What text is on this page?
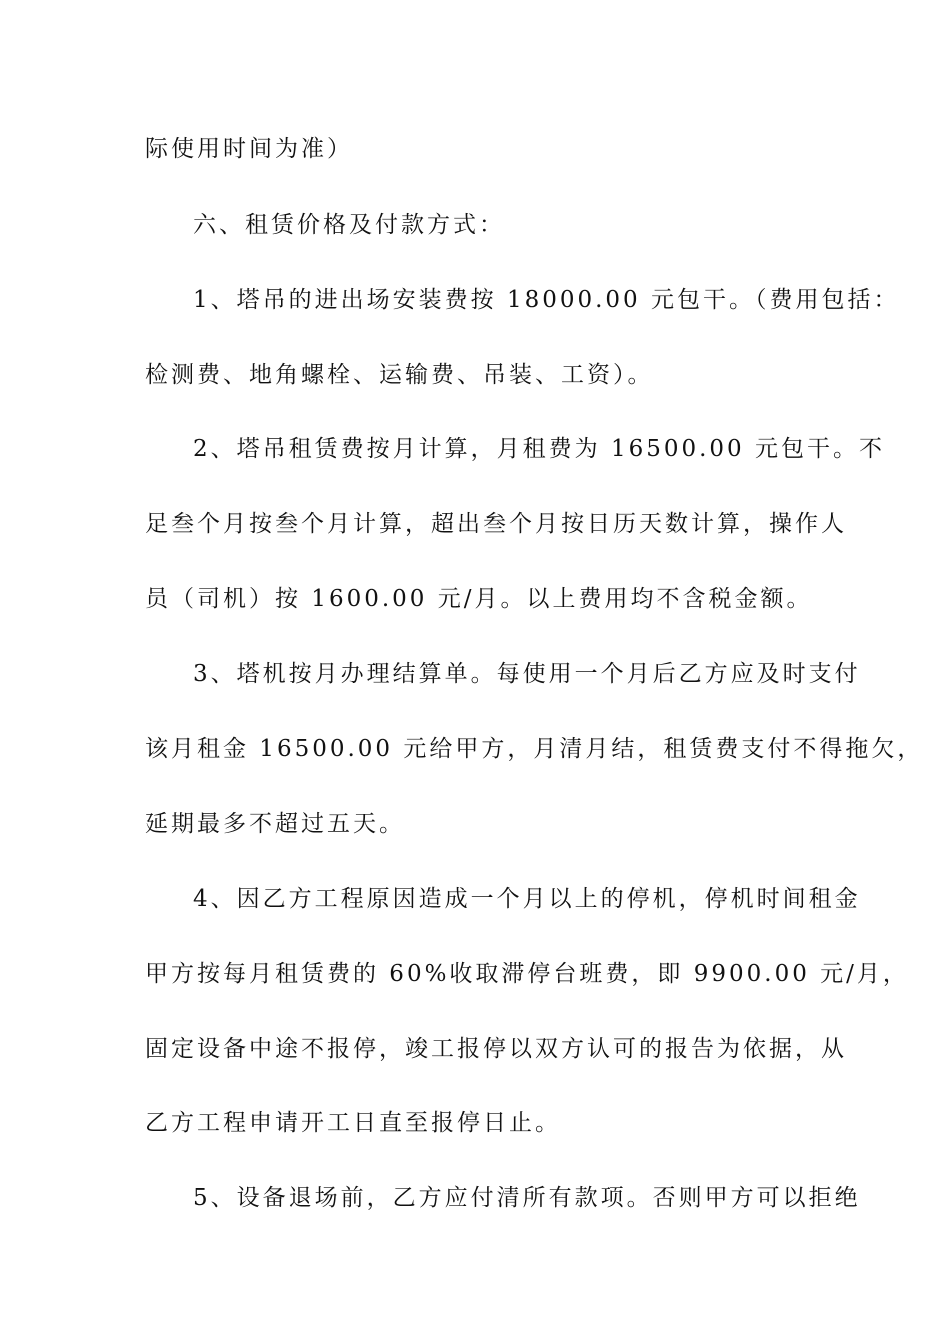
际使用时间为准）
六、租赁价格及付款方式：
1、塔吊的进出场安装费按 18000.00 元包干。（费用包括：
检测费、地角螺栓、运输费、吊装、工资）。
2、塔吊租赁费按月计算，月租费为 16500.00 元包干。不
足叁个月按叁个月计算，超出叁个月按日历天数计算，操作人
员（司机）按 1600.00 元/月。以上费用均不含税金额。
3、塔机按月办理结算单。每使用一个月后乙方应及时支付
该月租金 16500.00 元给甲方，月清月结，租赁费支付不得拖欠，
延期最多不超过五天。
4、因乙方工程原因造成一个月以上的停机，停机时间租金
甲方按每月租赁费的 60%收取滞停台班费，即 9900.00 元/月，
固定设备中途不报停，竣工报停以双方认可的报告为依据，从
乙方工程申请开工日直至报停日止。
5、设备退场前，乙方应付清所有款项。否则甲方可以拒绝
